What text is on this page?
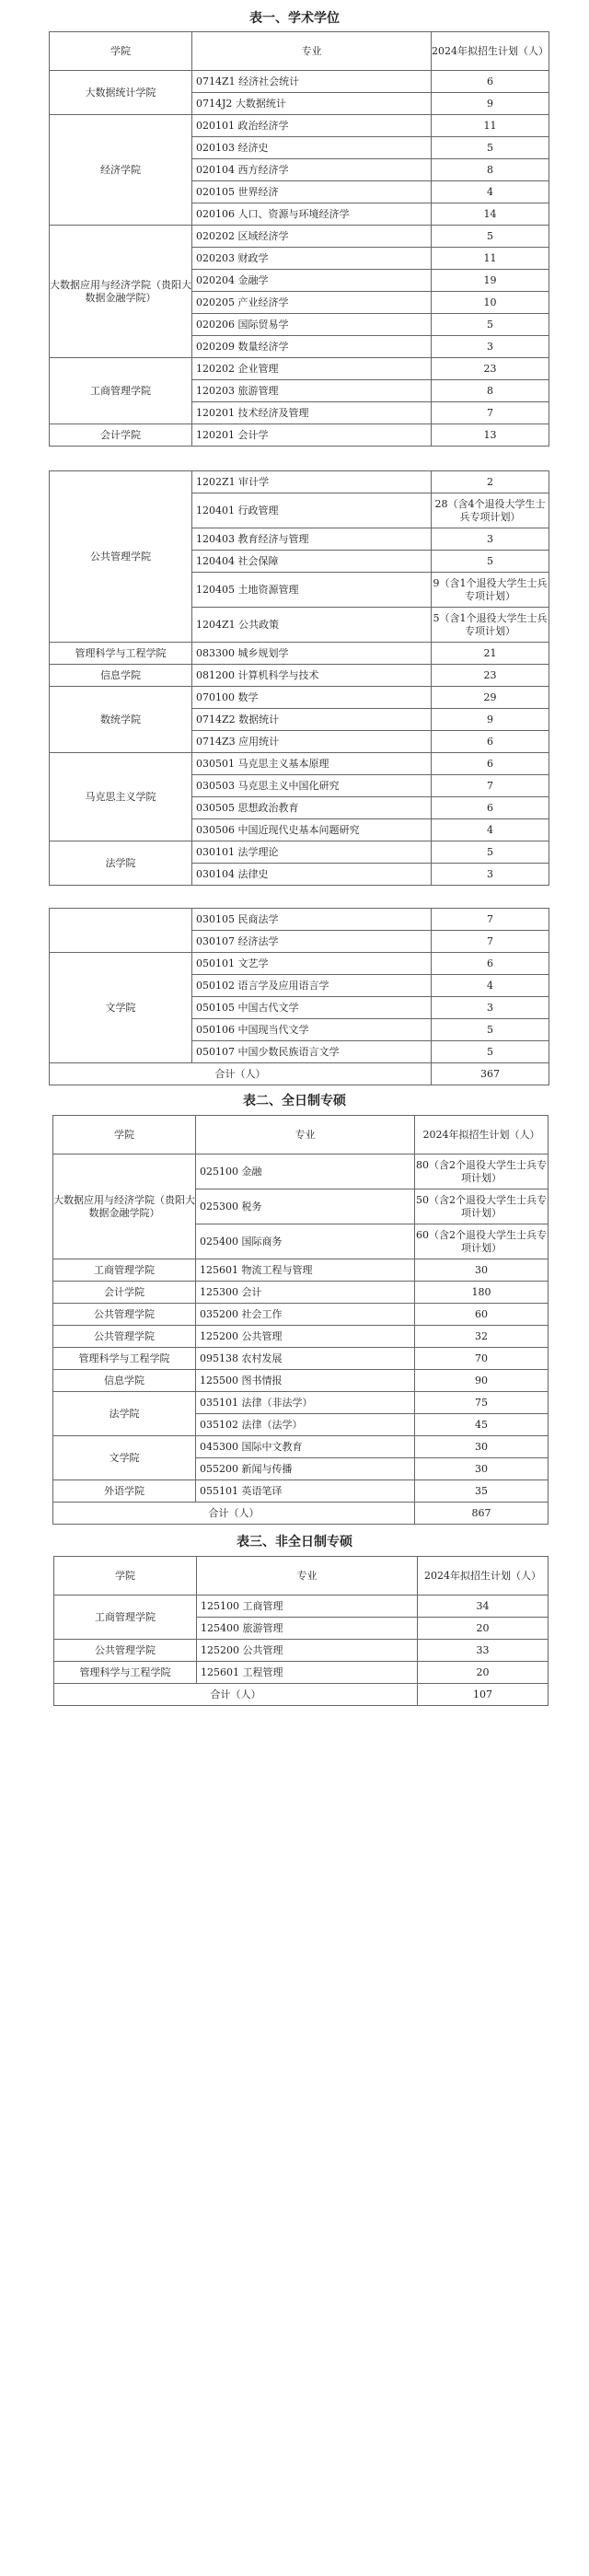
表一、学术学位
学院	专业	2024年拟招生计划（人）
大数据统计学院	0714Z1 经济社会统计	6
	0714J2 大数据统计	9
经济学院	020101 政治经济学	11
	020103 经济史	5
	020104 西方经济学	8
	020105 世界经济	4
	020106 人口、资源与环境经济学	14
大数据应用与经济学院（贵阳大数据金融学院）	020202 区域经济学	5
	020203 财政学	11
	020204 金融学	19
	020205 产业经济学	10
	020206 国际贸易学	5
	020209 数量经济学	3
工商管理学院	120202 企业管理	23
	120203 旅游管理	8
	120201 技术经济及管理	7
会计学院	120201 会计学	13
公共管理学院	1202Z1 审计学	2
	120401 行政管理	28（含4个退役大学生士兵专项计划）
	120403 教育经济与管理	3
	120404 社会保障	5
	120405 土地资源管理	9（含1个退役大学生士兵专项计划）
	1204Z1 公共政策	5（含1个退役大学生士兵专项计划）
管理科学与工程学院	083300 城乡规划学	21
信息学院	081200 计算机科学与技术	23
数统学院	070100 数学	29
	0714Z2 数据统计	9
	0714Z3 应用统计	6
马克思主义学院	030501 马克思主义基本原理	6
	030503 马克思主义中国化研究	7
	030505 思想政治教育	6
	030506 中国近现代史基本问题研究	4
法学院	030101 法学理论	5
	030104 法律史	3
	030105 民商法学	7
	030107 经济法学	7
文学院	050101 文艺学	6
	050102 语言学及应用语言学	4
	050105 中国古代文学	3
	050106 中国现当代文学	5
	050107 中国少数民族语言文学	5
合计（人）		367
表二、全日制专硕
学院	专业	2024年拟招生计划（人）
大数据应用与经济学院（贵阳大数据金融学院）	025100 金融	80（含2个退役大学生士兵专项计划）
	025300 税务	50（含2个退役大学生士兵专项计划）
	025400 国际商务	60（含2个退役大学生士兵专项计划）
工商管理学院	125601 物流工程与管理	30
会计学院	125300 会计	180
公共管理学院	035200 社会工作	60
公共管理学院	125200 公共管理	32
管理科学与工程学院	095138 农村发展	70
信息学院	125500 图书情报	90
法学院	035101 法律（非法学）	75
	035102 法律（法学）	45
文学院	045300 国际中文教育	30
	055200 新闻与传播	30
外语学院	055101 英语笔译	35
合计（人）		867
表三、非全日制专硕
学院	专业	2024年拟招生计划（人）
工商管理学院	125100 工商管理	34
	125400 旅游管理	20
公共管理学院	125200 公共管理	33
管理科学与工程学院	125601 工程管理	20
合计（人）		107
